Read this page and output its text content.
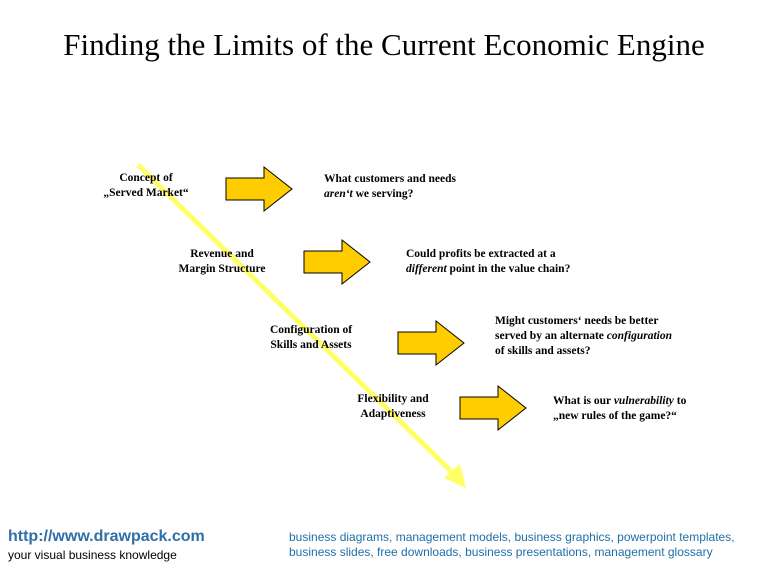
Finding the Limits of the Current Economic Engine
Concept of
„Served Market“
Revenue and
Margin Structure
Configuration of
Skills and Assets
Flexibility and
Adaptiveness
What customers and needs
aren‘t we serving?
Could profits be extracted at a
different point in the value chain?
Might customers‘ needs be better
served by an alternate configuration
of skills and assets?
What is our vulnerability to
„new rules of the game?“
http://www.drawpack.com
your visual business knowledge
business diagrams, management models, business graphics, powerpoint templates, business slides, free downloads, business presentations, management glossary
